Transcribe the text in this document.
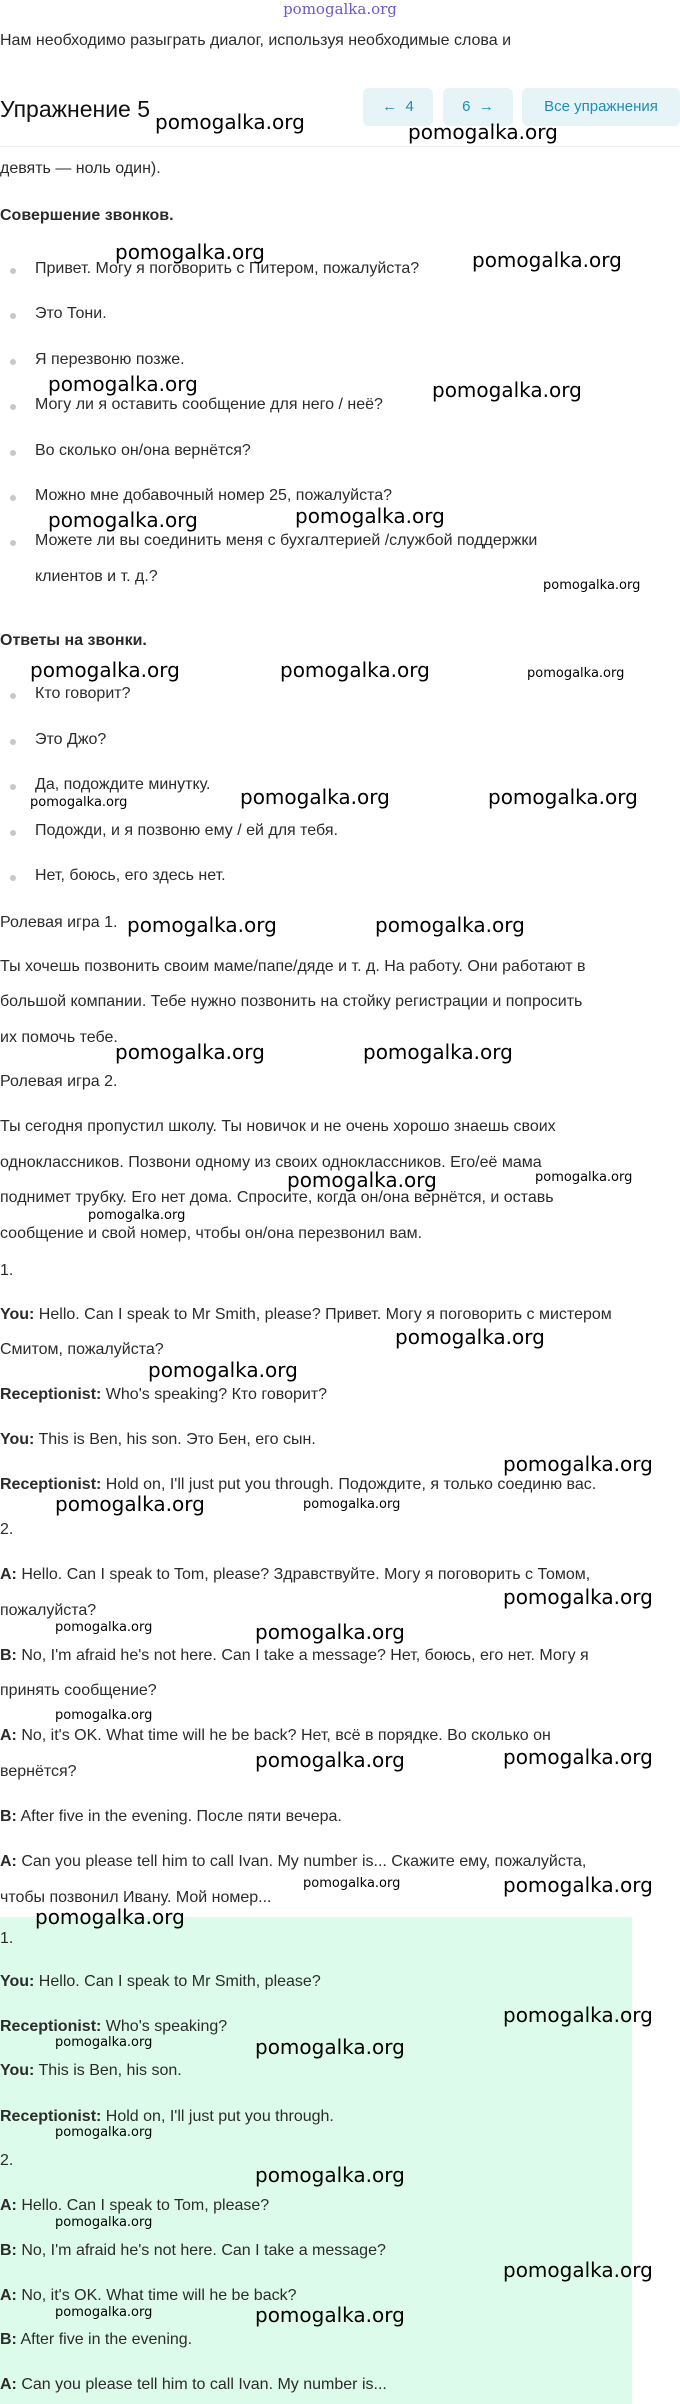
pomogalka.org
Нам необходимо разыграть диалог, используя необходимые слова и
Упражнение 5	← 4	6 →	Все упражнения
девять — ноль один).
Совершение звонков.
Привет. Могу я поговорить с Питером, пожалуйста?
Это Тони.
Я перезвоню позже.
Могу ли я оставить сообщение для него / неё?
Во сколько он/она вернётся?
Можно мне добавочный номер 25, пожалуйста?
Можете ли вы соединить меня с бухгалтерией /службой поддержки
клиентов и т. д.?
Ответы на звонки.
Кто говорит?
Это Джо?
Да, подождите минутку.
Подожди, и я позвоню ему / ей для тебя.
Нет, боюсь, его здесь нет.
Ролевая игра 1.
Ты хочешь позвонить своим маме/папе/дяде и т. д. На работу. Они работают в
большой компании. Тебе нужно позвонить на стойку регистрации и попросить
их помочь тебе.
Ролевая игра 2.
Ты сегодня пропустил школу. Ты новичок и не очень хорошо знаешь своих
одноклассников. Позвони одному из своих одноклассников. Его/её мама
поднимет трубку. Его нет дома. Спросите, когда он/она вернётся, и оставь
сообщение и свой номер, чтобы он/она перезвонил вам.
1.
You: Hello. Can I speak to Mr Smith, please? Привет. Могу я поговорить с мистером
Смитом, пожалуйста?
Receptionist: Who's speaking? Кто говорит?
You: This is Ben, his son. Это Бен, его сын.
Receptionist: Hold on, I'll just put you through. Подождите, я только соединю вас.
2.
A: Hello. Can I speak to Tom, please? Здравствуйте. Могу я поговорить с Томом,
пожалуйста?
B: No, I'm afraid he's not here. Can I take a message? Нет, боюсь, его нет. Могу я
принять сообщение?
A: No, it's OK. What time will he be back? Нет, всё в порядке. Во сколько он
вернётся?
B: After five in the evening. После пяти вечера.
A: Can you please tell him to call Ivan. My number is... Скажите ему, пожалуйста,
чтобы позвонил Ивану. Мой номер...
1.
You: Hello. Can I speak to Mr Smith, please?
Receptionist: Who's speaking?
You: This is Ben, his son.
Receptionist: Hold on, I'll just put you through.
2.
A: Hello. Can I speak to Tom, please?
B: No, I'm afraid he's not here. Can I take a message?
A: No, it's OK. What time will he be back?
B: After five in the evening.
A: Can you please tell him to call Ivan. My number is...
pomogalka.org	pomogalka.org
pomogalka.org	pomogalka.org
pomogalka.org	pomogalka.org
pomogalka.org	pomogalka.org
pomogalka.org
pomogalka.org	pomogalka.org	pomogalka.org
pomogalka.org	pomogalka.org	pomogalka.org
pomogalka.org	pomogalka.org
pomogalka.org	pomogalka.org
pomogalka.org	pomogalka.org
pomogalka.org
pomogalka.org
pomogalka.org
pomogalka.org
pomogalka.org	pomogalka.org
pomogalka.org
pomogalka.org	pomogalka.org
pomogalka.org
pomogalka.org	pomogalka.org
pomogalka.org	pomogalka.org
pomogalka.org
pomogalka.org
pomogalka.org	pomogalka.org
pomogalka.org
pomogalka.org
pomogalka.org
pomogalka.org
pomogalka.org	pomogalka.org
